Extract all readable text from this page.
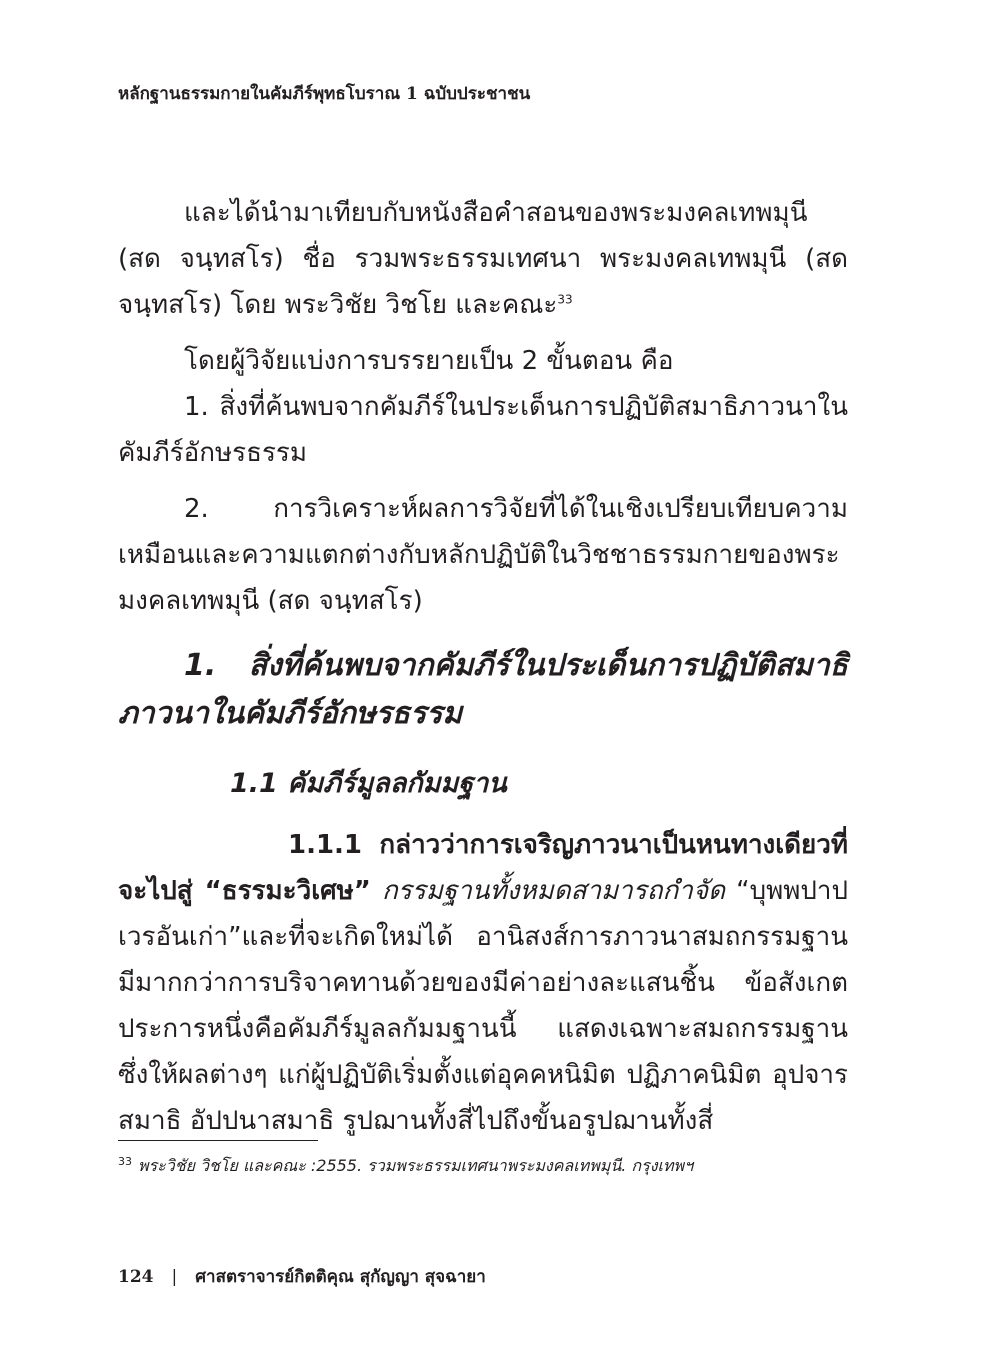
หลักฐานธรรมกายในคัมภีร์พุทธโบราณ 1 ฉบับประชาชน

และได้นำมาเทียบกับหนังสือคำสอนของพระมงคลเทพมุนี (สด จนฺทสโร) ชื่อ รวมพระธรรมเทศนา พระมงคลเทพมุนี (สด จนฺทสโร) โดย พระวิชัย วิชโย และคณะ$^{33}$

โดยผู้วิจัยแบ่งการบรรยายเป็น 2 ขั้นตอน คือ

1. สิ่งที่ค้นพบจากคัมภีร์ในประเด็นการปฏิบัติสมาธิภาวนาในคัมภีร์อักษรธรรม

2. การวิเคราะห์ผลการวิจัยที่ได้ในเชิงเปรียบเทียบความเหมือนและความแตกต่างกับหลักปฏิบัติในวิชชาธรรมกายของพระมงคลเทพมุนี (สด จนฺทสโร)

1. สิ่งที่ค้นพบจากคัมภีร์ในประเด็นการปฏิบัติสมาธิภาวนาในคัมภีร์อักษรธรรม

1.1 คัมภีร์มูลลกัมมฐาน

1.1.1 กล่าวว่าการเจริญภาวนาเป็นหนทางเดียวที่จะไปสู่ “ธรรมะวิเศษ” กรรมฐานทั้งหมดสามารถกำจัด “บุพพปาป เวรอันเก่า”และที่จะเกิดใหม่ได้ อานิสงส์การภาวนาสมถกรรมฐานมีมากกว่าการบริจาคทานด้วยของมีค่าอย่างละแสนชิ้น ข้อสังเกตประการหนึ่งคือคัมภีร์มูลลกัมมฐานนี้ แสดงเฉพาะสมถกรรมฐาน ซึ่งให้ผลต่างๆ แก่ผู้ปฏิบัติเริ่มตั้งแต่อุคคหนิมิต ปฏิภาคนิมิต อุปจารสมาธิ อัปปนาสมาธิ รูปฌานทั้งสี่ไปถึงขั้นอรูปฌานทั้งสี่

$^{33}$ พระวิชัย วิชโย และคณะ :2555. รวมพระธรรมเทศนาพระมงคลเทพมุนี. กรุงเทพฯ
124 | ศาสตราจารย์กิตติคุณ สุกัญญา สุจฉายา
